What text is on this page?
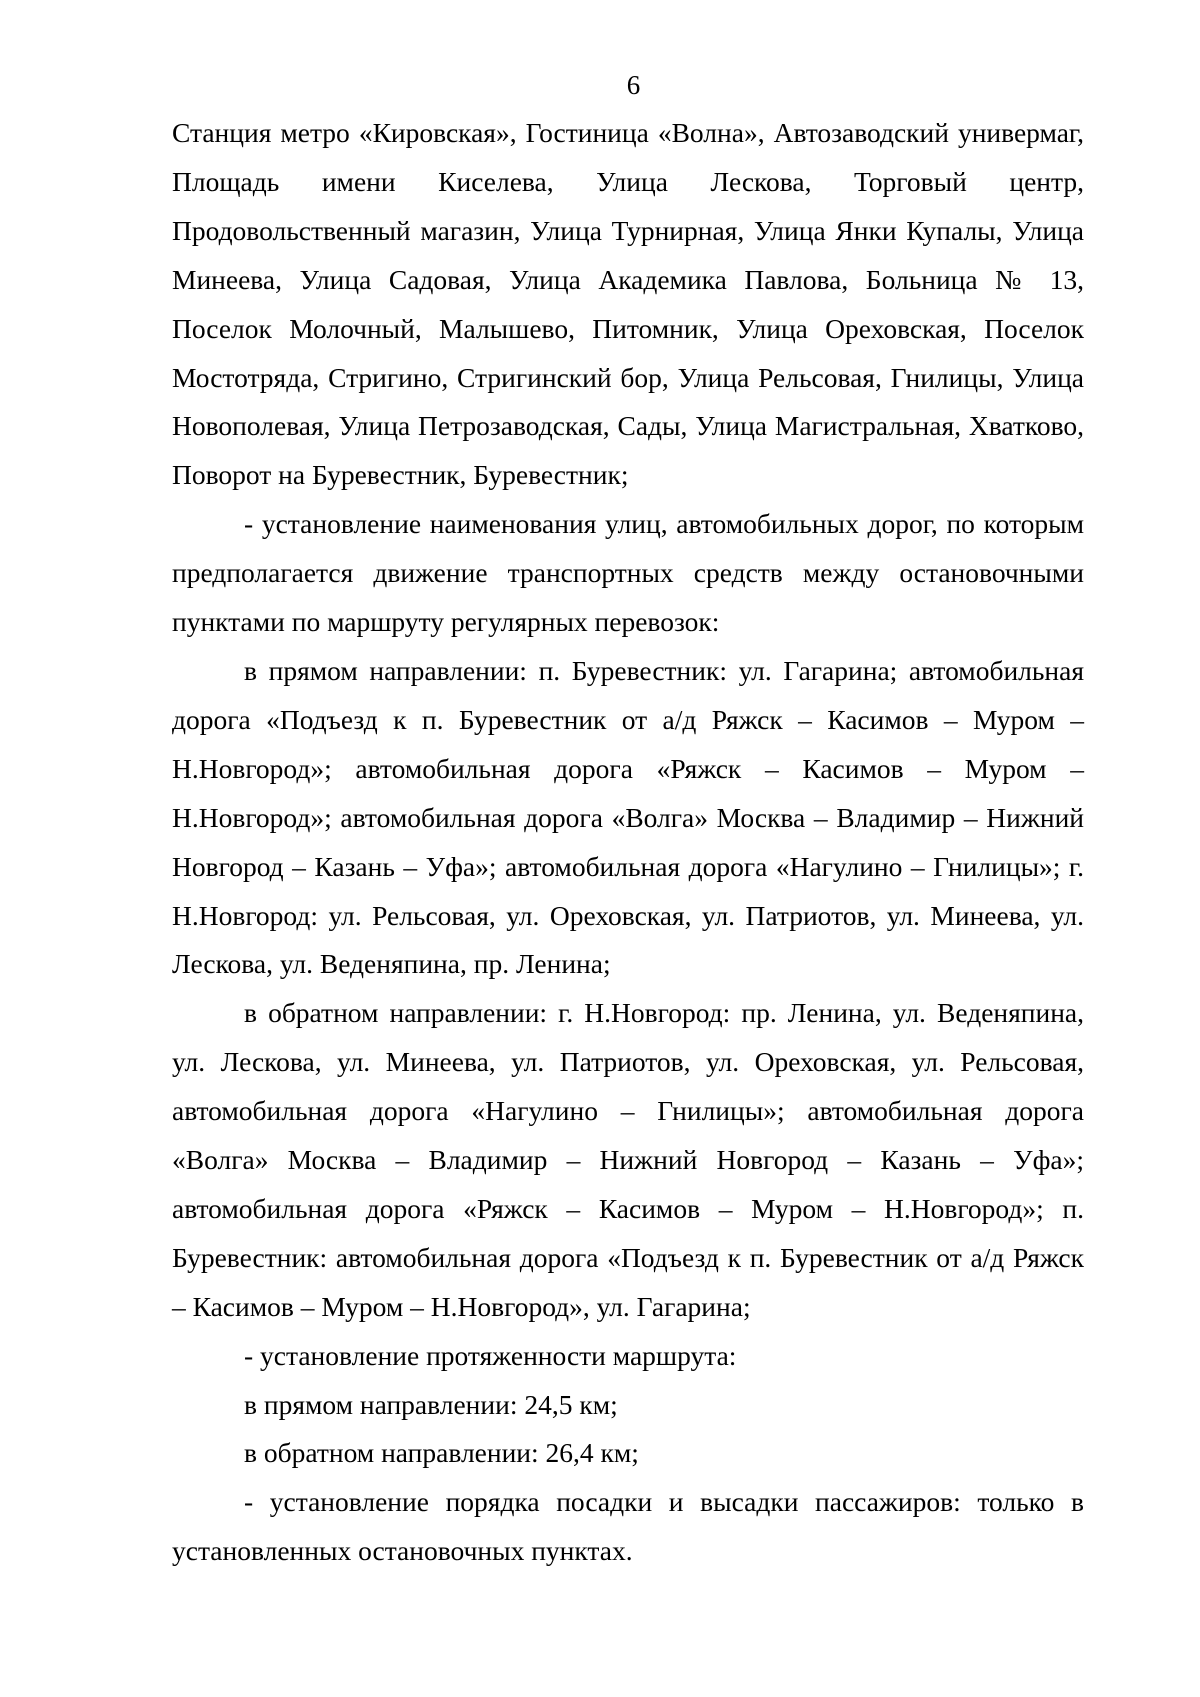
6

Станция метро «Кировская», Гостиница «Волна», Автозаводский универмаг, Площадь имени Киселева, Улица Лескова, Торговый центр, Продовольственный магазин, Улица Турнирная, Улица Янки Купалы, Улица Минеева, Улица Садовая, Улица Академика Павлова, Больница № 13, Поселок Молочный, Малышево, Питомник, Улица Ореховская, Поселок Мостотряда, Стригино, Стригинский бор, Улица Рельсовая, Гнилицы, Улица Новополевая, Улица Петрозаводская, Сады, Улица Магистральная, Хватково, Поворот на Буревестник, Буревестник;

- установление наименования улиц, автомобильных дорог, по которым предполагается движение транспортных средств между остановочными пунктами по маршруту регулярных перевозок:

в прямом направлении: п. Буревестник: ул. Гагарина; автомобильная дорога «Подъезд к п. Буревестник от а/д Ряжск – Касимов – Муром – Н.Новгород»; автомобильная дорога «Ряжск – Касимов – Муром – Н.Новгород»; автомобильная дорога «Волга» Москва – Владимир – Нижний Новгород – Казань – Уфа»; автомобильная дорога «Нагулино – Гнилицы»; г. Н.Новгород: ул. Рельсовая, ул. Ореховская, ул. Патриотов, ул. Минеева, ул. Лескова, ул. Веденяпина, пр. Ленина;

в обратном направлении: г. Н.Новгород: пр. Ленина, ул. Веденяпина, ул. Лескова, ул. Минеева, ул. Патриотов, ул. Ореховская, ул. Рельсовая, автомобильная дорога «Нагулино – Гнилицы»; автомобильная дорога «Волга» Москва – Владимир – Нижний Новгород – Казань – Уфа»; автомобильная дорога «Ряжск – Касимов – Муром – Н.Новгород»; п. Буревестник: автомобильная дорога «Подъезд к п. Буревестник от а/д Ряжск – Касимов – Муром – Н.Новгород», ул. Гагарина;

- установление протяженности маршрута:

в прямом направлении: 24,5 км;

в обратном направлении: 26,4 км;

- установление порядка посадки и высадки пассажиров: только в установленных остановочных пунктах.
